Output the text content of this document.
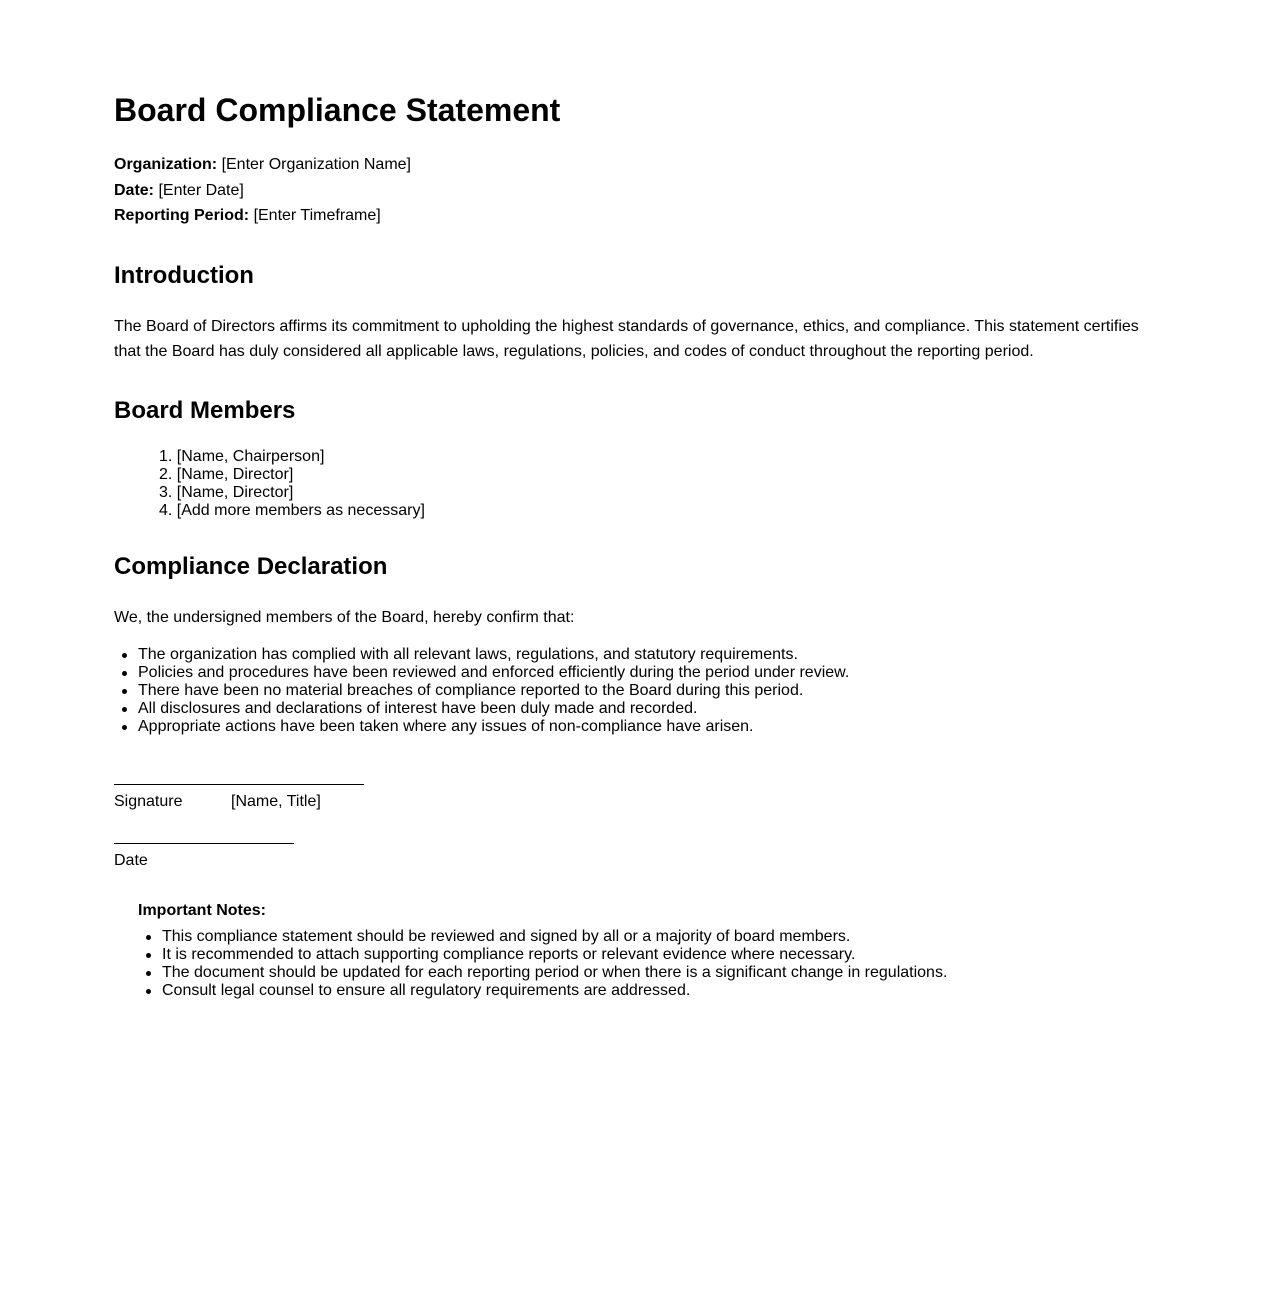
Board Compliance Statement
Organization: [Enter Organization Name]
Date: [Enter Date]
Reporting Period: [Enter Timeframe]
Introduction

The Board of Directors affirms its commitment to upholding the highest standards of governance, ethics, and compliance. This statement certifies that the Board has duly considered all applicable laws, regulations, policies, and codes of conduct throughout the reporting period.

Board Members
1. [Name, Chairperson]
2. [Name, Director]
3. [Name, Director]
4. [Add more members as necessary]
Compliance Declaration

We, the undersigned members of the Board, hereby confirm that:

The organization has complied with all relevant laws, regulations, and statutory requirements.
Policies and procedures have been reviewed and enforced efficiently during the period under review.
There have been no material breaches of compliance reported to the Board during this period.
All disclosures and declarations of interest have been duly made and recorded.
Appropriate actions have been taken where any issues of non-compliance have arisen.
Signature	[Name, Title]
Date
Important Notes:
This compliance statement should be reviewed and signed by all or a majority of board members.
It is recommended to attach supporting compliance reports or relevant evidence where necessary.
The document should be updated for each reporting period or when there is a significant change in regulations.
Consult legal counsel to ensure all regulatory requirements are addressed.
